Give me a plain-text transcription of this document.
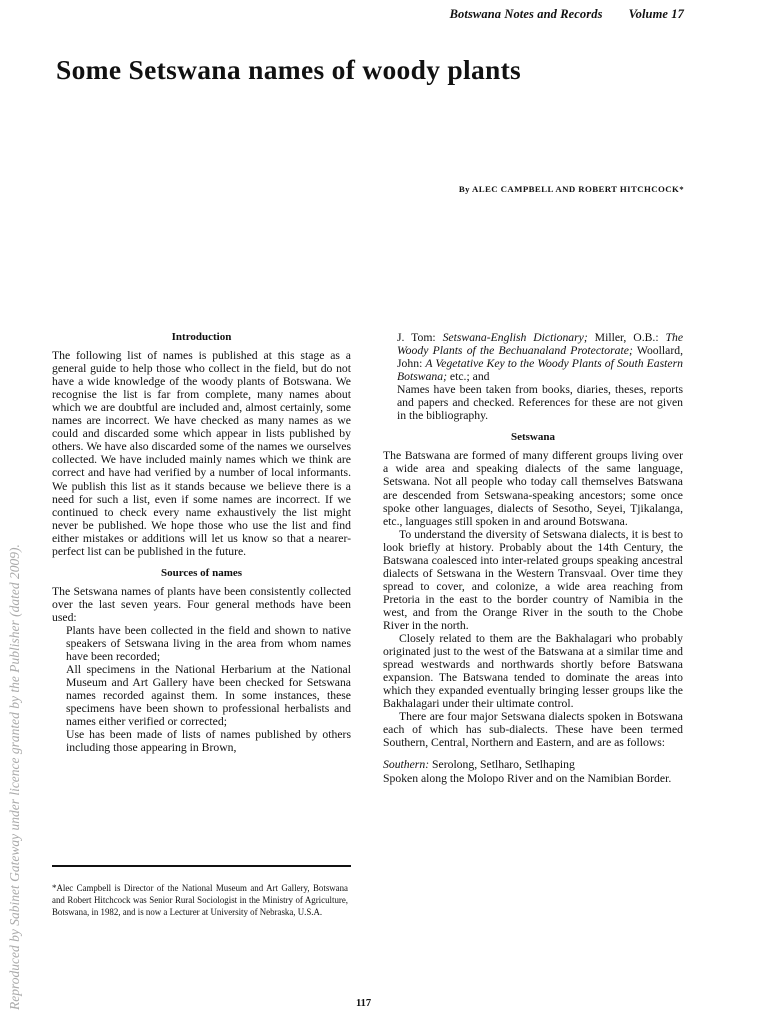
Botswana Notes and Records Volume 17
Some Setswana names of woody plants
By ALEC CAMPBELL AND ROBERT HITCHCOCK*

Introduction

The following list of names is published at this stage as a general guide to help those who collect in the field, but do not have a wide knowledge of the woody plants of Botswana. We recognise the list is far from complete, many names about which we are doubtful are included and, almost certainly, some names are incorrect. We have checked as many names as we could and discarded some which appear in lists published by others. We have also discarded some of the names we ourselves collected. We have included mainly names which we think are correct and have had verified by a number of local informants. We publish this list as it stands because we believe there is a need for such a list, even if some names are incorrect. If we continued to check every name exhaustively the list might never be published. We hope those who use the list and find either mistakes or additions will let us know so that a nearer-perfect list can be published in the future.

Sources of names

The Setswana names of plants have been consistently collected over the last seven years. Four general methods have been used:

Plants have been collected in the field and shown to native speakers of Setswana living in the area from whom names have been recorded;

All specimens in the National Herbarium at the National Museum and Art Gallery have been checked for Setswana names recorded against them. In some instances, these specimens have been shown to professional herbalists and names either verified or corrected;

Use has been made of lists of names published by others including those appearing in Brown,

*Alec Campbell is Director of the National Museum and Art Gallery, Botswana and Robert Hitchcock was Senior Rural Sociologist in the Ministry of Agriculture, Botswana, in 1982, and is now a Lecturer at University of Nebraska, U.S.A.

J. Tom: Setswana-English Dictionary; Miller, O.B.: The Woody Plants of the Bechuanaland Protectorate; Woollard, John: A Vegetative Key to the Woody Plants of South Eastern Botswana; etc.; and

Names have been taken from books, diaries, theses, reports and papers and checked. References for these are not given in the bibliography.

Setswana

The Batswana are formed of many different groups living over a wide area and speaking dialects of the same language, Setswana. Not all people who today call themselves Batswana are descended from Setswana-speaking ancestors; some once spoke other languages, dialects of Sesotho, Seyei, Tjikalanga, etc., languages still spoken in and around Botswana.

To understand the diversity of Setswana dialects, it is best to look briefly at history. Probably about the 14th Century, the Batswana coalesced into inter-related groups speaking ancestral dialects of Setswana in the Western Transvaal. Over time they spread to cover, and colonize, a wide area reaching from Pretoria in the east to the border country of Namibia in the west, and from the Orange River in the south to the Chobe River in the north.

Closely related to them are the Bakhalagari who probably originated just to the west of the Batswana at a similar time and spread westwards and northwards shortly before Batswana expansion. The Batswana tended to dominate the areas into which they expanded eventually bringing lesser groups like the Bakhalagari under their ultimate control.

There are four major Setswana dialects spoken in Botswana each of which has sub-dialects. These have been termed Southern, Central, Northern and Eastern, and are as follows:

Southern: Serolong, Setlharo, Setlhaping

Spoken along the Molopo River and on the Namibian Border.

117
Reproduced by Sabinet Gateway under licence granted by the Publisher (dated 2009).
